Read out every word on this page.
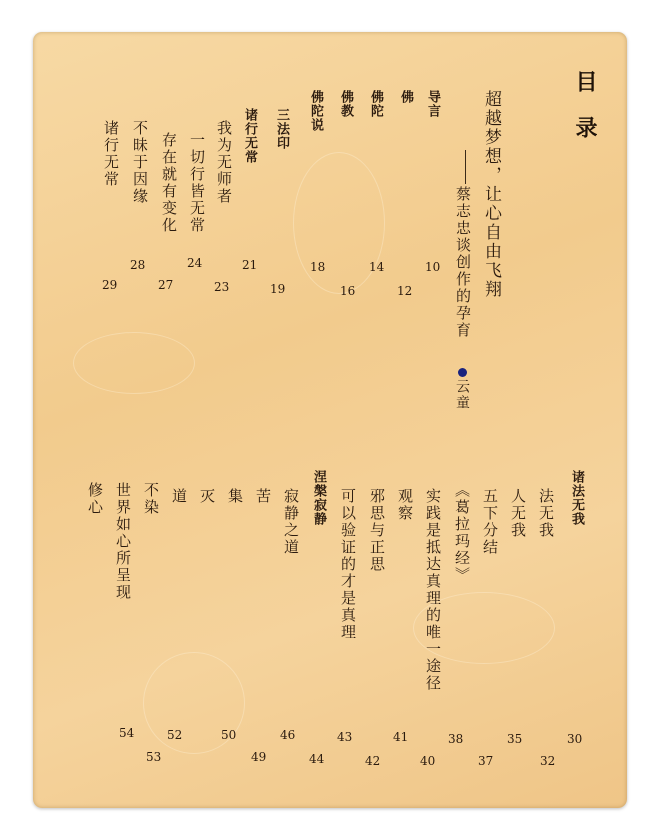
目录
超越梦想，让心自由飞翔
蔡志忠谈创作的孕育
云童
导言
佛
佛陀
佛教
佛陀说
三法印
诸行无常
我为无师者
一切行皆无常
存在就有变化
不昧于因缘
诸行无常
10
12
14
16
18
19
21
23
24
27
28
29
诸法无我
法无我
人无我
五下分结
《葛拉玛经》
实践是抵达真理的唯一途径
观察
邪思与正思
可以验证的才是真理
涅槃寂静
寂静之道
苦
集
灭
道
不染
世界如心所呈现
修心
30
32
35
37
38
40
41
42
43
44
46
49
50
52
53
54
